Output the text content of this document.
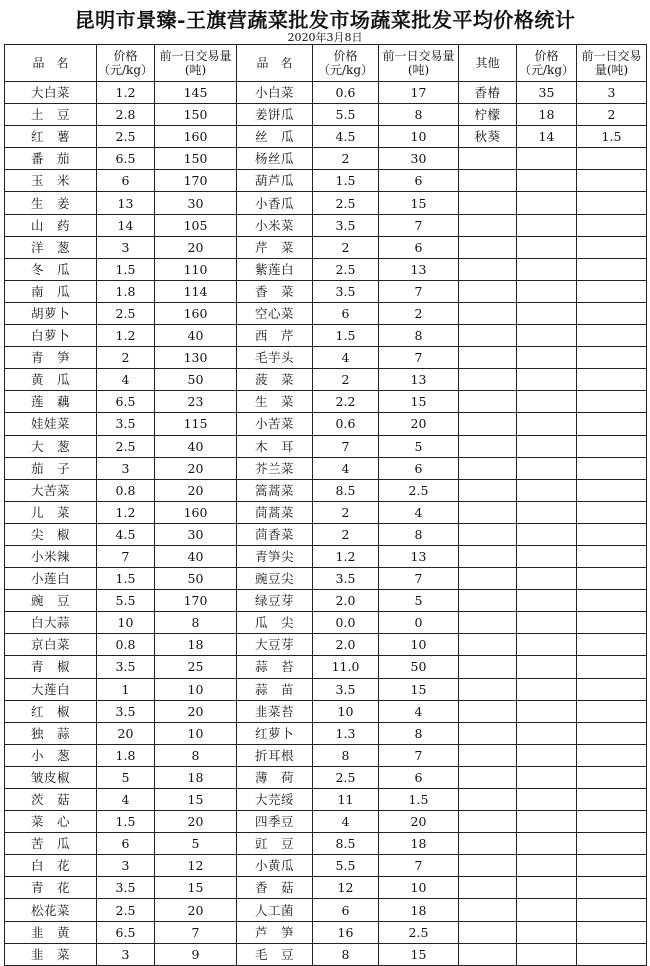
昆明市景臻-王旗营蔬菜批发市场蔬菜批发平均价格统计
2020年3月8日
品　名	价格（元/kg）	前一日交易量(吨)	品　名	价格（元/kg）	前一日交易量(吨)	其他	价格（元/kg）	前一日交易量(吨)
大白菜	1.2	145	小白菜	0.6	17	香椿	35	3
土　豆	2.8	150	姜饼瓜	5.5	8	柠檬	18	2
红　薯	2.5	160	丝　瓜	4.5	10	秋葵	14	1.5
番　茄	6.5	150	杨丝瓜	2	30			
玉　米	6	170	葫芦瓜	1.5	6			
生　姜	13	30	小香瓜	2.5	15			
山　药	14	105	小米菜	3.5	7			
洋　葱	3	20	芹　菜	2	6			
冬　瓜	1.5	110	紫莲白	2.5	13			
南　瓜	1.8	114	香　菜	3.5	7			
胡萝卜	2.5	160	空心菜	6	2			
白萝卜	1.2	40	西　芹	1.5	8			
青　笋	2	130	毛芋头	4	7			
黄　瓜	4	50	菠　菜	2	13			
莲　藕	6.5	23	生　菜	2.2	15			
娃娃菜	3.5	115	小苦菜	0.6	20			
大　葱	2.5	40	木　耳	7	5			
茄　子	3	20	芥兰菜	4	6			
大苦菜	0.8	20	篙蒿菜	8.5	2.5			
儿　菜	1.2	160	茼蒿菜	2	4			
尖　椒	4.5	30	茴香菜	2	8			
小米辣	7	40	青笋尖	1.2	13			
小莲白	1.5	50	豌豆尖	3.5	7			
豌　豆	5.5	170	绿豆芽	2.0	5			
白大蒜	10	8	瓜　尖	0.0	0			
京白菜	0.8	18	大豆芽	2.0	10			
青　椒	3.5	25	蒜　苔	11.0	50			
大莲白	1	10	蒜　苗	3.5	15			
红　椒	3.5	20	韭菜苔	10	4			
独　蒜	20	10	红萝卜	1.3	8			
小　葱	1.8	8	折耳根	8	7			
皱皮椒	5	18	薄　荷	2.5	6			
茨　菇	4	15	大芫绥	11	1.5			
菜　心	1.5	20	四季豆	4	20			
苦　瓜	6	5	豇　豆	8.5	18			
白　花	3	12	小黄瓜	5.5	7			
青　花	3.5	15	香　菇	12	10			
松花菜	2.5	20	人工菌	6	18			
韭　黄	6.5	7	芦　笋	16	2.5			
韭　菜	3	9	毛　豆	8	15			
